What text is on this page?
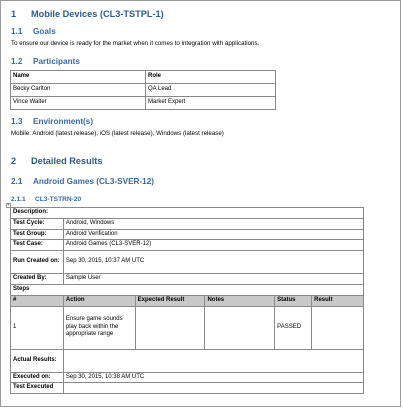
1 Mobile Devices (CL3-TSTPL-1)
1.1 Goals
To ensure our device is ready for the market when it comes to integration with applications.
1.2 Participants
Name	Role
Becky Carlton	QA Lead
Vince Walter	Market Expert
1.3 Environment(s)
Mobile: Android (latest release), iOS (latest release), Windows (latest release)
2 Detailed Results
2.1 Android Games (CL3-SVER-12)
2.1.1 CL3-TSTRN-20
+
Description:					
Test Cycle:	Android, Windows				
Test Group:	Android Verification				
Test Case:	Android Games (CL3-SVER-12)				
Run Created on:	Sep 30, 2015, 10:37 AM UTC				
Created By:	Sample User				
Steps					
#	Action	Expected Result	Notes	Status	Result
1	Ensure game sounds play back within the appropriate range			PASSED	
Actual Results:					
Executed on:	Sep 30, 2015, 10:38 AM UTC				
Test Executed					
